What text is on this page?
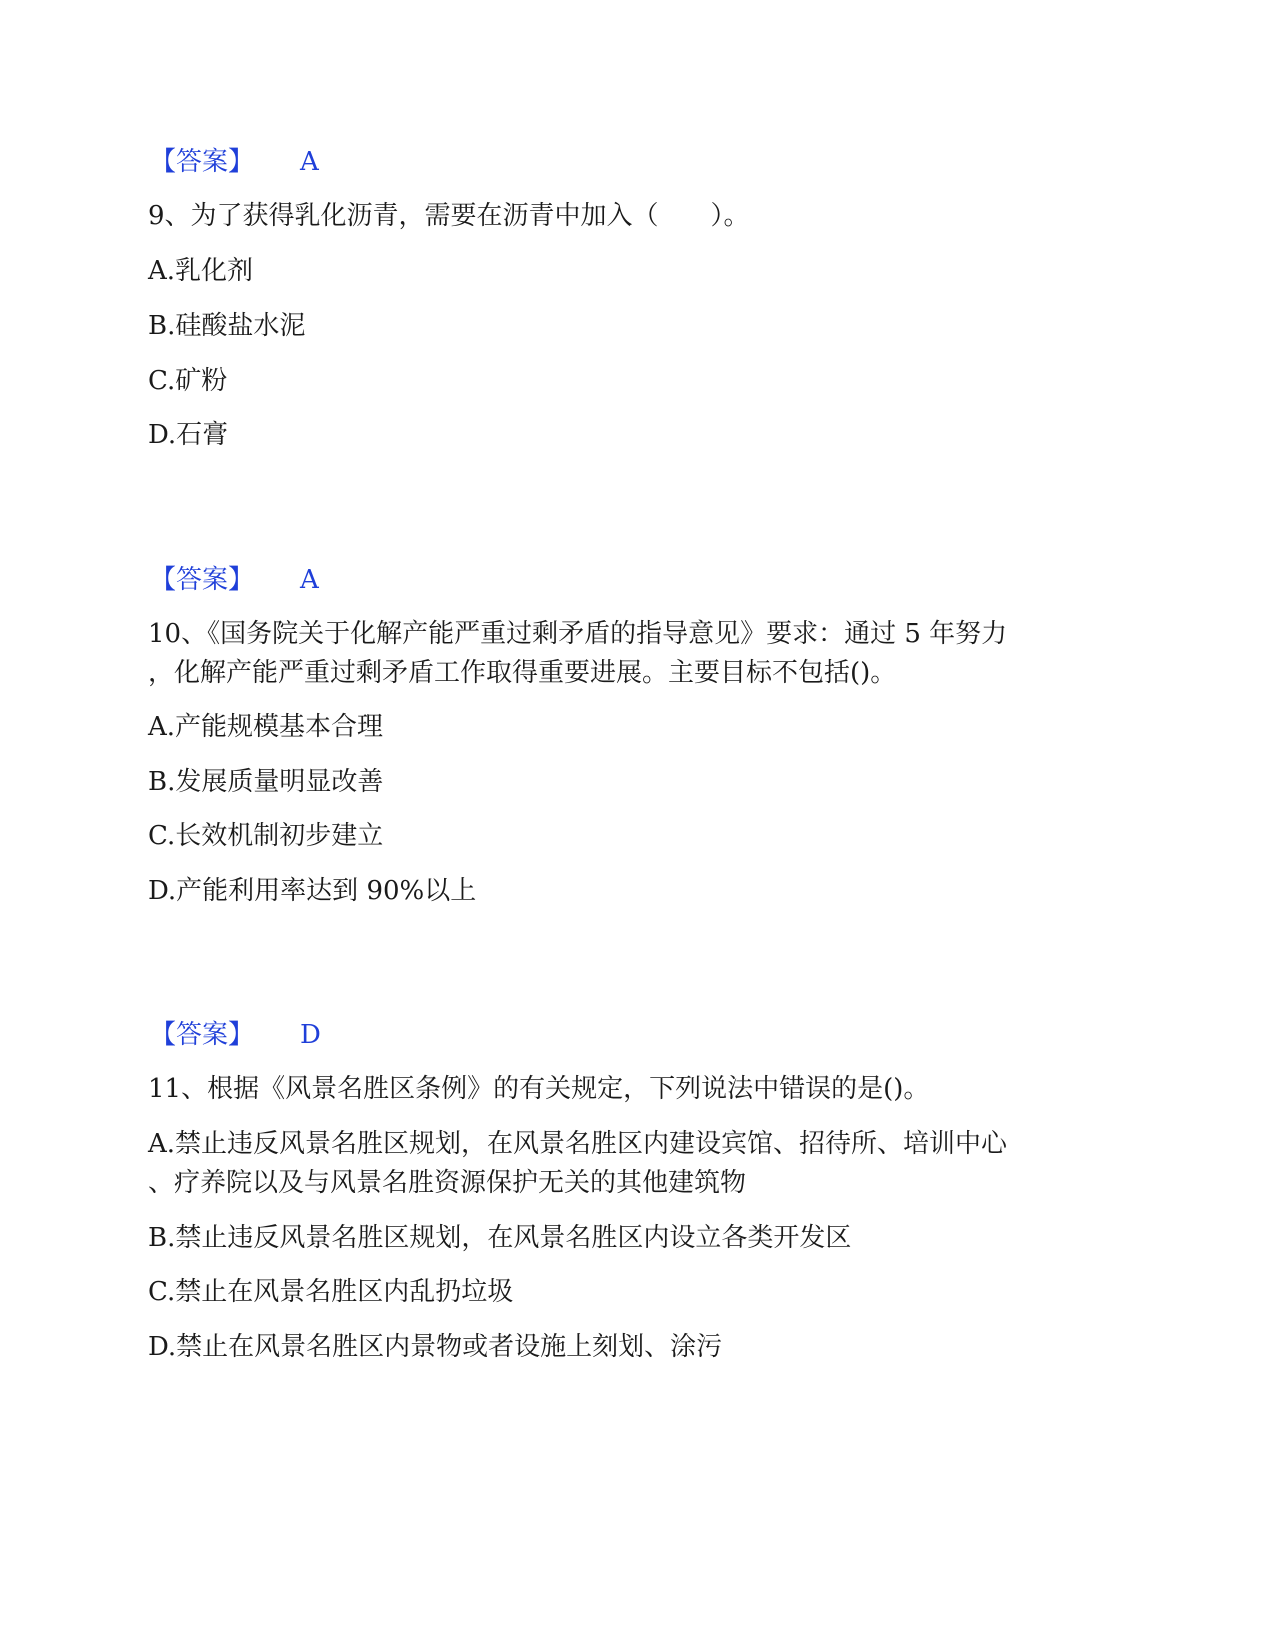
【答案】 A

9、为了获得乳化沥青，需要在沥青中加入（　　）。

A.乳化剂

B.硅酸盐水泥

C.矿粉

D.石膏

【答案】 A

10、《国务院关于化解产能严重过剩矛盾的指导意见》要求：通过 5 年努力

，化解产能严重过剩矛盾工作取得重要进展。主要目标不包括()。

A.产能规模基本合理

B.发展质量明显改善

C.长效机制初步建立

D.产能利用率达到 90%以上

【答案】 D

11、根据《风景名胜区条例》的有关规定，下列说法中错误的是()。

A.禁止违反风景名胜区规划，在风景名胜区内建设宾馆、招待所、培训中心

、疗养院以及与风景名胜资源保护无关的其他建筑物

B.禁止违反风景名胜区规划，在风景名胜区内设立各类开发区

C.禁止在风景名胜区内乱扔垃圾

D.禁止在风景名胜区内景物或者设施上刻划、涂污
